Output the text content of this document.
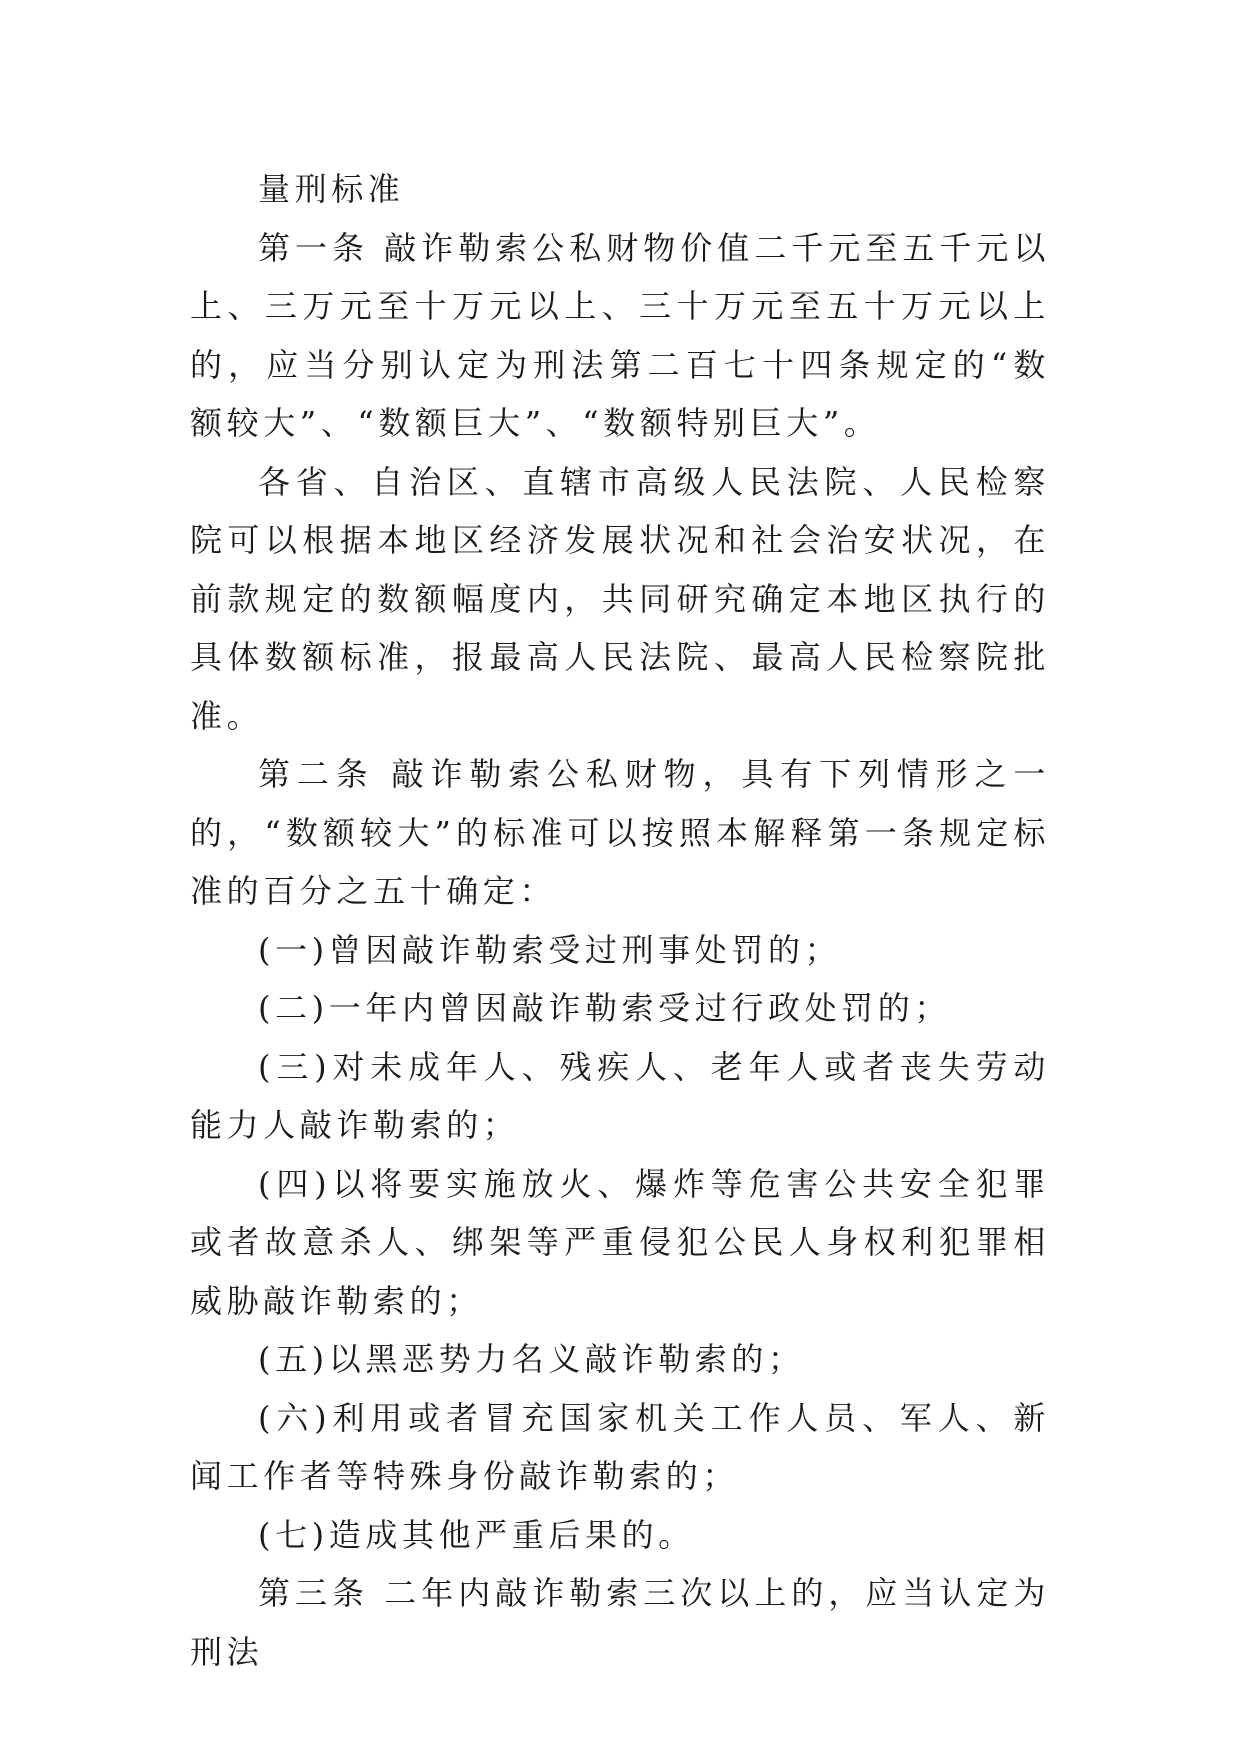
量刑标准

第一条 敲诈勒索公私财物价值二千元至五千元以上、三万元至十万元以上、三十万元至五十万元以上的，应当分别认定为刑法第二百七十四条规定的“数额较大”、“数额巨大”、“数额特别巨大”。

各省、自治区、直辖市高级人民法院、人民检察院可以根据本地区经济发展状况和社会治安状况，在前款规定的数额幅度内，共同研究确定本地区执行的具体数额标准，报最高人民法院、最高人民检察院批准。

第二条 敲诈勒索公私财物，具有下列情形之一的，“数额较大”的标准可以按照本解释第一条规定标准的百分之五十确定：

(一)曾因敲诈勒索受过刑事处罚的；

(二)一年内曾因敲诈勒索受过行政处罚的；

(三)对未成年人、残疾人、老年人或者丧失劳动能力人敲诈勒索的；

(四)以将要实施放火、爆炸等危害公共安全犯罪或者故意杀人、绑架等严重侵犯公民人身权利犯罪相威胁敲诈勒索的；

(五)以黑恶势力名义敲诈勒索的；

(六)利用或者冒充国家机关工作人员、军人、新闻工作者等特殊身份敲诈勒索的；

(七)造成其他严重后果的。

第三条 二年内敲诈勒索三次以上的，应当认定为刑法
